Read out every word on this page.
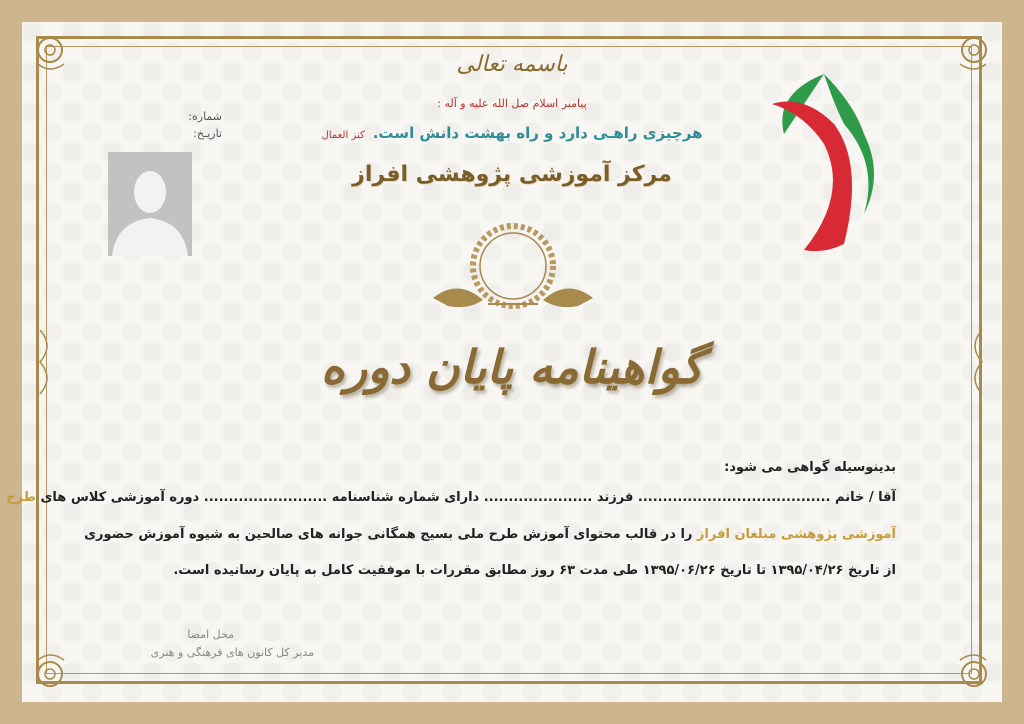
باسمه تعالی
پیامبر اسلام صل الله علیه و آله :
هرچیزی راهـی دارد و راه بهشت دانش است.کنز العمال
مرکز آموزشی پژوهشی افراز
شماره:
تاریـخ:
گواهینامه پایان دوره
بدینوسیله گواهی می شود:
آقا / خانم ....................................... فرزند ...................... دارای شماره شناسنامه ......................... دوره آموزشی کلاس های طرح
آموزشی پژوهشی مبلغان افراز را در قالب محتوای آموزش طرح ملی بسیج همگانی جوانه های صالحین به شیوه آموزش حضوری
از تاریخ ۱۳۹۵/۰۴/۲۶ تا تاریخ ۱۳۹۵/۰۶/۲۶ طی مدت ۶۳ روز مطابق مقررات با موفقیت کامل به پایان رسانیده است.
محل امضا
مدیر کل کانون های فرهنگی و هنری
